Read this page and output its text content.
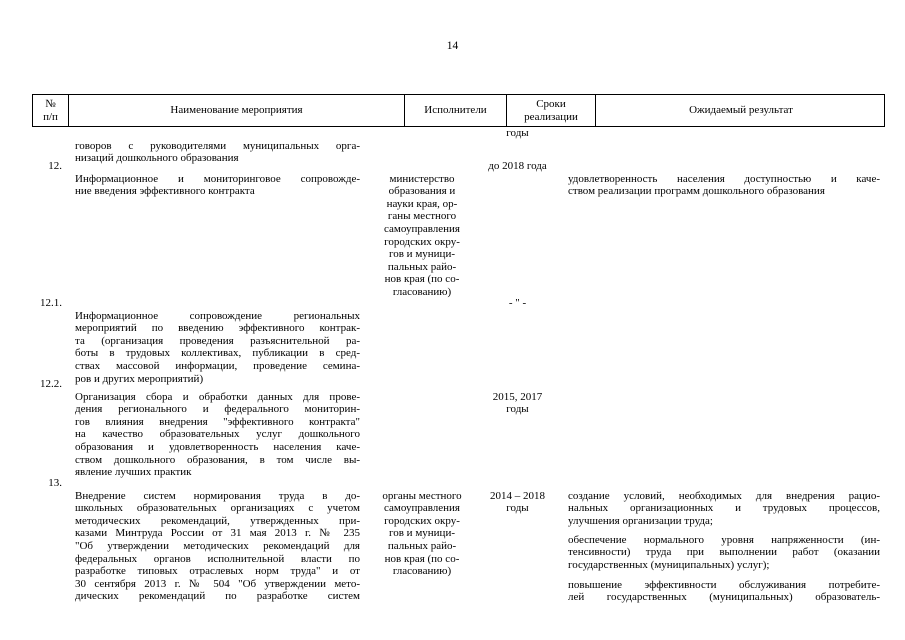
14
№
п/п
Наименование мероприятия	Исполнители
Сроки
реализации
Ожидаемый результат

говоров с руководителями муниципальных орга-
низаций дошкольного образования
годы
12.

Информационное и мониторинговое сопровожде-
ние введения эффективного контракта

министерство
образования и
науки края, ор-
ганы местного
самоуправления
городских окру-
гов и муници-
пальных райо-
нов края (по со-
гласованию)
до 2018 года

удовлетворенность населения доступностью и каче-
ством реализации программ дошкольного образования
12.1.

Информационное сопровождение региональных
мероприятий по введению эффективного контрак-
та (организация проведения разъяснительной ра-
боты в трудовых коллективах, публикации в сред-
ствах массовой информации, проведение семина-
ров и других мероприятий)
- " -
12.2.

Организация сбора и обработки данных для прове-
дения регионального и федерального мониторин-
гов влияния внедрения "эффективного контракта"
на качество образовательных услуг дошкольного
образования и удовлетворенность населения каче-
ством дошкольного образования, в том числе вы-
явление лучших практик

2015, 2017
годы
13.

Внедрение систем нормирования труда в до-
школьных образовательных организациях с учетом
методических рекомендаций, утвержденных при-
казами Минтруда России от 31 мая 2013 г. № 235
"Об утверждении методических рекомендаций для
федеральных органов исполнительной власти по
разработке типовых отраслевых норм труда" и от
30 сентября 2013 г. № 504 "Об утверждении мето-
дических рекомендаций по разработке систем

органы местного
самоуправления
городских окру-
гов и муници-
пальных райо-
нов края (по со-
гласованию)

2014 – 2018
годы

создание условий, необходимых для внедрения рацио-
нальных организационных и трудовых процессов,
улучшения организации труда;

обеспечение нормального уровня напряженности (ин-
тенсивности) труда при выполнении работ (оказании
государственных (муниципальных) услуг);

повышение эффективности обслуживания потребите-
лей государственных (муниципальных) образователь-
